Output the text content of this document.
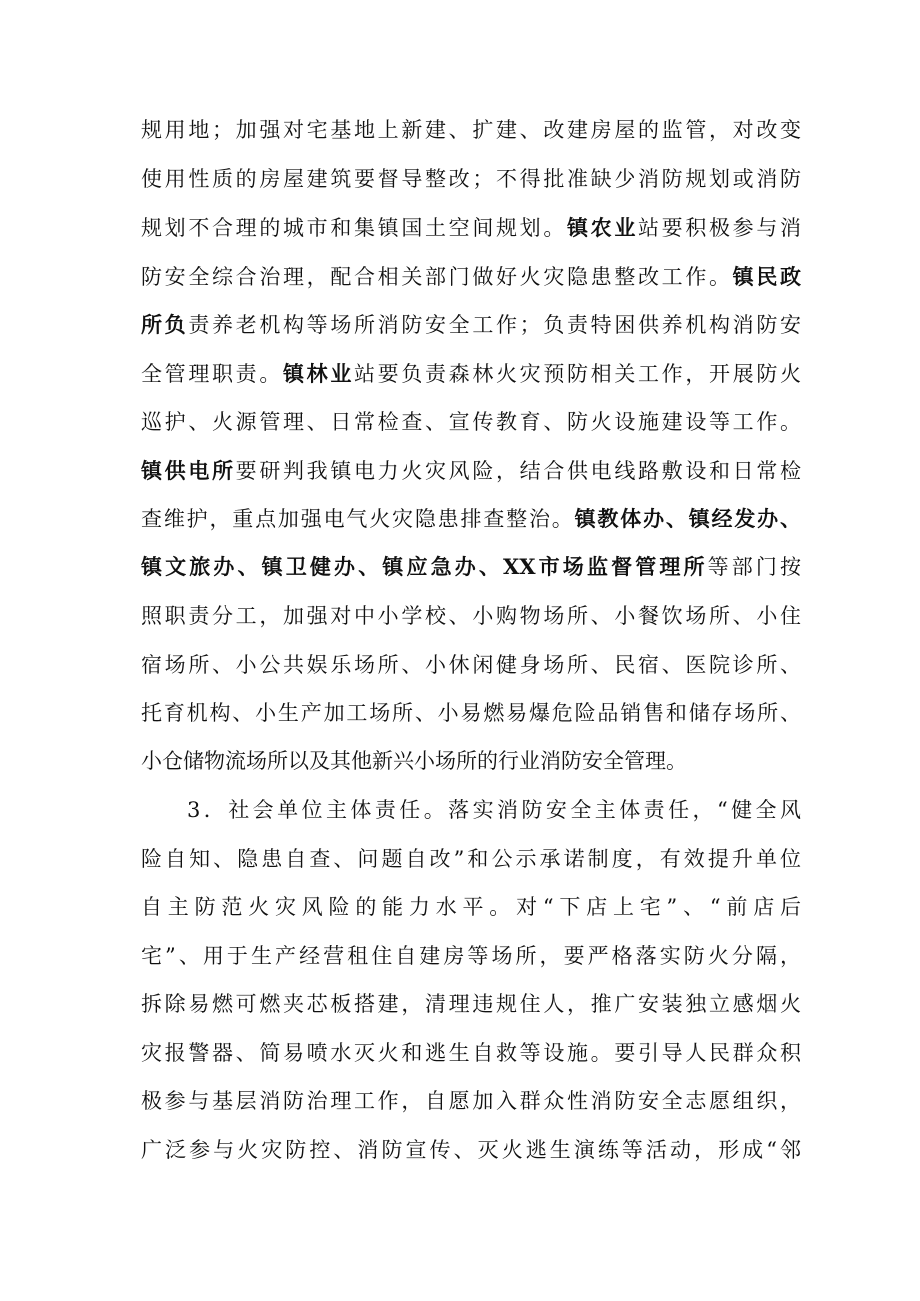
规用地；加强对宅基地上新建、扩建、改建房屋的监管，对改变
使用性质的房屋建筑要督导整改；不得批准缺少消防规划或消防
规划不合理的城市和集镇国土空间规划。镇农业站要积极参与消
防安全综合治理，配合相关部门做好火灾隐患整改工作。镇民政
所负责养老机构等场所消防安全工作；负责特困供养机构消防安
全管理职责。镇林业站要负责森林火灾预防相关工作，开展防火
巡护、火源管理、日常检查、宣传教育、防火设施建设等工作。
镇供电所要研判我镇电力火灾风险，结合供电线路敷设和日常检
查维护，重点加强电气火灾隐患排查整治。镇教体办、镇经发办、
镇文旅办、镇卫健办、镇应急办、XX市场监督管理所等部门按
照职责分工，加强对中小学校、小购物场所、小餐饮场所、小住
宿场所、小公共娱乐场所、小休闲健身场所、民宿、医院诊所、
托育机构、小生产加工场所、小易燃易爆危险品销售和储存场所、
小仓储物流场所以及其他新兴小场所的行业消防安全管理。
3．社会单位主体责任。落实消防安全主体责任，“健全风
险自知、隐患自查、问题自改”和公示承诺制度，有效提升单位
自主防范火灾风险的能力水平。对“下店上宅”、“前店后
宅”、用于生产经营租住自建房等场所，要严格落实防火分隔，
拆除易燃可燃夹芯板搭建，清理违规住人，推广安装独立感烟火
灾报警器、简易喷水灭火和逃生自救等设施。要引导人民群众积
极参与基层消防治理工作，自愿加入群众性消防安全志愿组织，
广泛参与火灾防控、消防宣传、灭火逃生演练等活动，形成“邻
